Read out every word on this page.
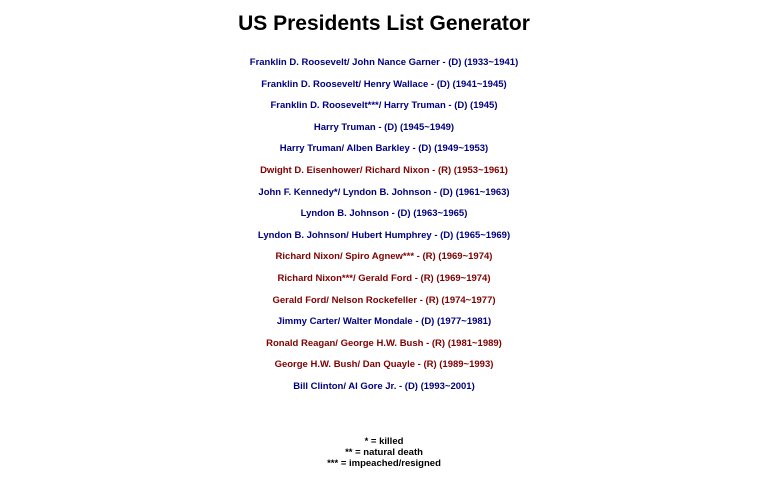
US Presidents List Generator
Franklin D. Roosevelt/ John Nance Garner - (D) (1933~1941)
Franklin D. Roosevelt/ Henry Wallace - (D) (1941~1945)
Franklin D. Roosevelt***/ Harry Truman - (D) (1945)
Harry Truman - (D) (1945~1949)
Harry Truman/ Alben Barkley - (D) (1949~1953)
Dwight D. Eisenhower/ Richard Nixon - (R) (1953~1961)
John F. Kennedy*/ Lyndon B. Johnson - (D) (1961~1963)
Lyndon B. Johnson - (D) (1963~1965)
Lyndon B. Johnson/ Hubert Humphrey - (D) (1965~1969)
Richard Nixon/ Spiro Agnew*** - (R) (1969~1974)
Richard Nixon***/ Gerald Ford - (R) (1969~1974)
Gerald Ford/ Nelson Rockefeller - (R) (1974~1977)
Jimmy Carter/ Walter Mondale - (D) (1977~1981)
Ronald Reagan/ George H.W. Bush - (R) (1981~1989)
George H.W. Bush/ Dan Quayle - (R) (1989~1993)
Bill Clinton/ Al Gore Jr. - (D) (1993~2001)
* = killed
** = natural death
*** = impeached/resigned
